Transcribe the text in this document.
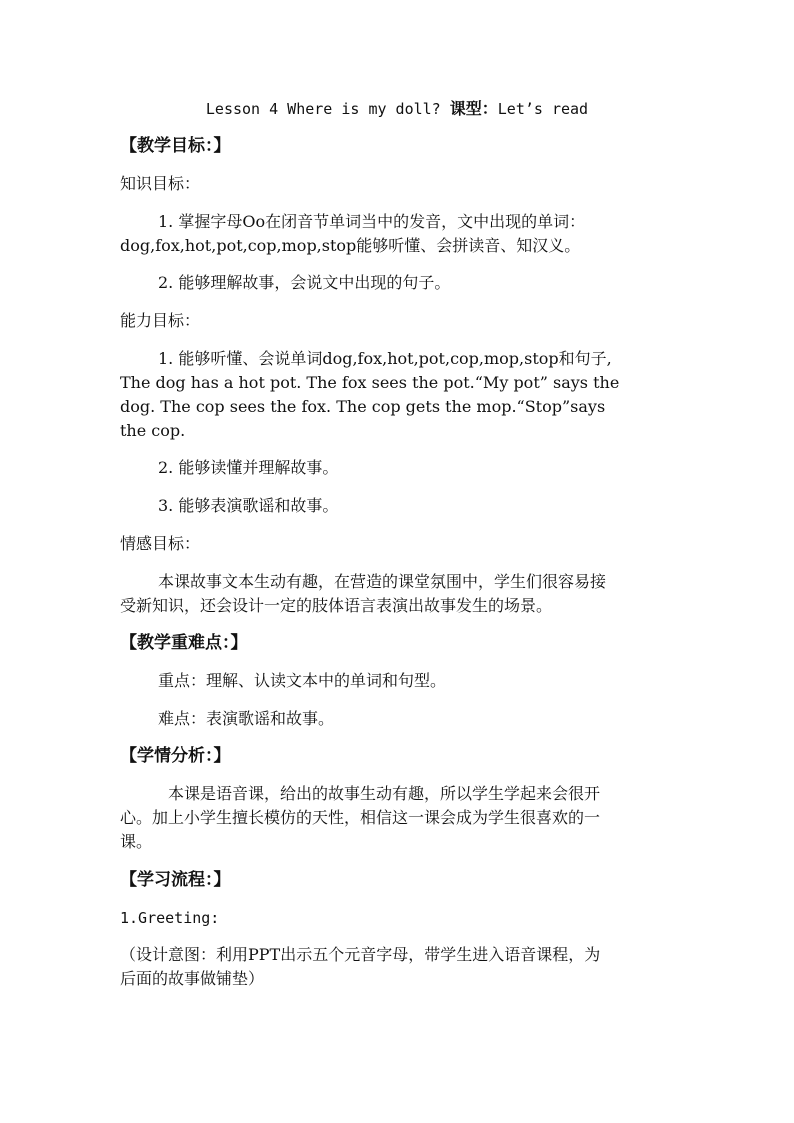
Lesson 4 Where is my doll? 课型：Let’s read

【教学目标：】

知识目标：

1. 掌握字母Oo在闭音节单词当中的发音，文中出现的单词：

dog,fox,hot,pot,cop,mop,stop能够听懂、会拼读音、知汉义。

2. 能够理解故事，会说文中出现的句子。

能力目标：

1. 能够听懂、会说单词dog,fox,hot,pot,cop,mop,stop和句子,

The dog has a hot pot. The fox sees the pot.“My pot” says the

dog. The cop sees the fox. The cop gets the mop.“Stop”says

the cop.

2. 能够读懂并理解故事。

3. 能够表演歌谣和故事。

情感目标：

本课故事文本生动有趣，在营造的课堂氛围中，学生们很容易接

受新知识，还会设计一定的肢体语言表演出故事发生的场景。

【教学重难点：】

重点：理解、认读文本中的单词和句型。

难点：表演歌谣和故事。

【学情分析：】

本课是语音课，给出的故事生动有趣，所以学生学起来会很开

心。加上小学生擅长模仿的天性，相信这一课会成为学生很喜欢的一

课。

【学习流程：】

1.Greeting:

（设计意图：利用PPT出示五个元音字母，带学生进入语音课程，为

后面的故事做铺垫）
